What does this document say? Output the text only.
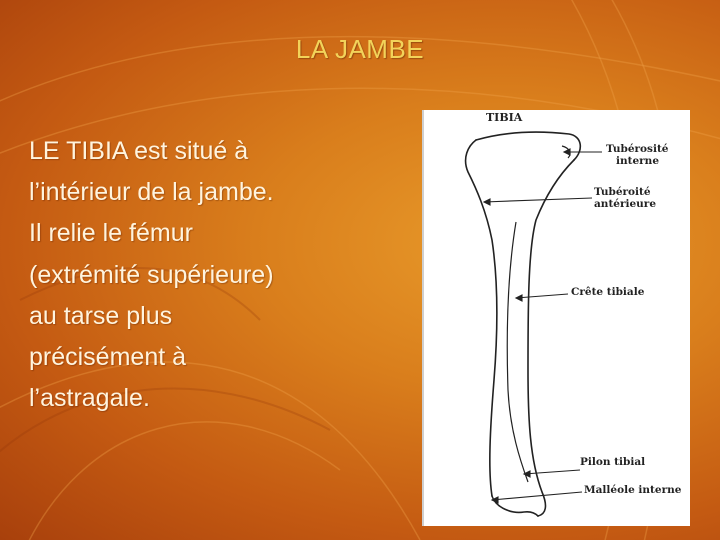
LA JAMBE
LE TIBIA est situé à
l’intérieur de la jambe.
Il relie le fémur
(extrémité supérieure)
au tarse plus
précisément à
l’astragale.
TIBIA
Tubérosité
interne
Tubéroité
antérieure
Crête tibiale
Pilon tibial
Malléole interne
